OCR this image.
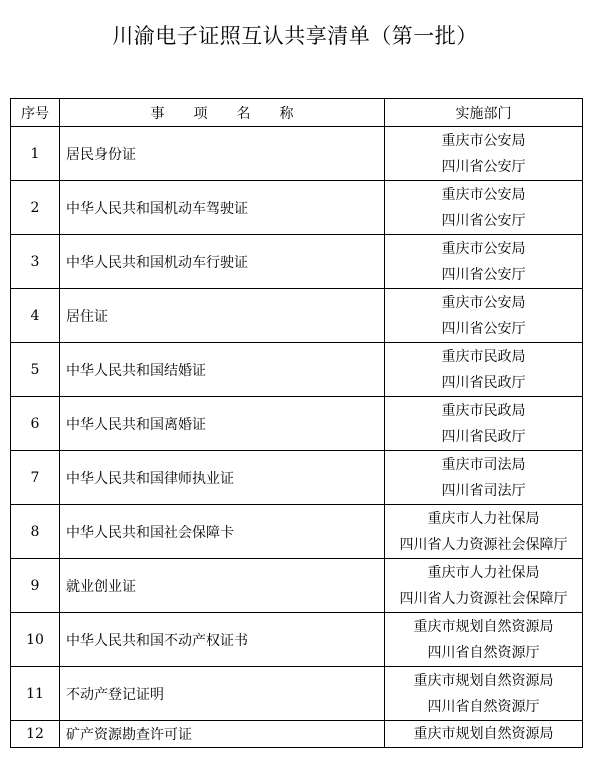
川渝电子证照互认共享清单（第一批）
序号	事项名称	实施部门
1	居民身份证	重庆市公安局
四川省公安厅

2	中华人民共和国机动车驾驶证	重庆市公安局
四川省公安厅

3	中华人民共和国机动车行驶证	重庆市公安局
四川省公安厅

4	居住证	重庆市公安局
四川省公安厅

5	中华人民共和国结婚证	重庆市民政局
四川省民政厅

6	中华人民共和国离婚证	重庆市民政局
四川省民政厅

7	中华人民共和国律师执业证	重庆市司法局
四川省司法厅

8	中华人民共和国社会保障卡	重庆市人力社保局
四川省人力资源社会保障厅

9	就业创业证	重庆市人力社保局
四川省人力资源社会保障厅

10	中华人民共和国不动产权证书	重庆市规划自然资源局
四川省自然资源厅

11	不动产登记证明	重庆市规划自然资源局
四川省自然资源厅

12	矿产资源勘查许可证	重庆市规划自然资源局
